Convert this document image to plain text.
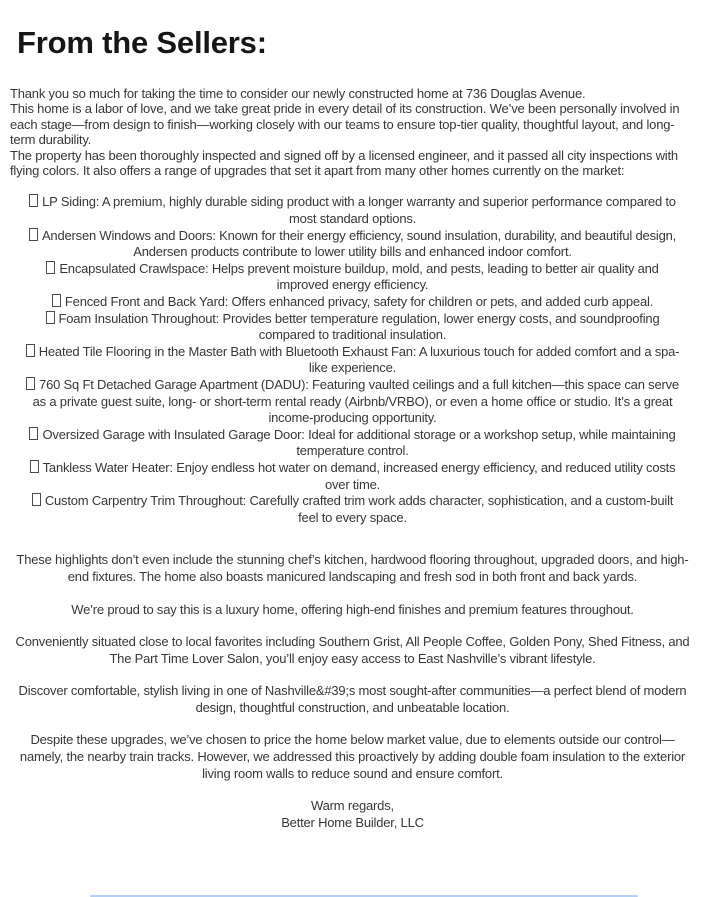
From the Sellers:

Thank you so much for taking the time to consider our newly constructed home at 736 Douglas Avenue.

This home is a labor of love, and we take great pride in every detail of its construction. We’ve been personally involved in each stage—from design to finish—working closely with our teams to ensure top-tier quality, thoughtful layout, and long-term durability.

The property has been thoroughly inspected and signed off by a licensed engineer, and it passed all city inspections with flying colors. It also offers a range of upgrades that set it apart from many other homes currently on the market:

LP Siding: A premium, highly durable siding product with a longer warranty and superior performance compared to most standard options.
Andersen Windows and Doors: Known for their energy efficiency, sound insulation, durability, and beautiful design, Andersen products contribute to lower utility bills and enhanced indoor comfort.
Encapsulated Crawlspace: Helps prevent moisture buildup, mold, and pests, leading to better air quality and improved energy efficiency.
Fenced Front and Back Yard: Offers enhanced privacy, safety for children or pets, and added curb appeal.
Foam Insulation Throughout: Provides better temperature regulation, lower energy costs, and soundproofing compared to traditional insulation.
Heated Tile Flooring in the Master Bath with Bluetooth Exhaust Fan: A luxurious touch for added comfort and a spa-like experience.
760 Sq Ft Detached Garage Apartment (DADU): Featuring vaulted ceilings and a full kitchen—this space can serve as a private guest suite, long- or short-term rental ready (Airbnb/VRBO), or even a home office or studio. It’s a great income-producing opportunity.
Oversized Garage with Insulated Garage Door: Ideal for additional storage or a workshop setup, while maintaining temperature control.
Tankless Water Heater: Enjoy endless hot water on demand, increased energy efficiency, and reduced utility costs over time.
Custom Carpentry Trim Throughout: Carefully crafted trim work adds character, sophistication, and a custom-built feel to every space.

These highlights don’t even include the stunning chef’s kitchen, hardwood flooring throughout, upgraded doors, and high-end fixtures. The home also boasts manicured landscaping and fresh sod in both front and back yards.

We’re proud to say this is a luxury home, offering high-end finishes and premium features throughout.

Conveniently situated close to local favorites including Southern Grist, All People Coffee, Golden Pony, Shed Fitness, and The Part Time Lover Salon, you’ll enjoy easy access to East Nashville’s vibrant lifestyle.

Discover comfortable, stylish living in one of Nashville&#39;s most sought-after communities—a perfect blend of modern design, thoughtful construction, and unbeatable location.

Despite these upgrades, we’ve chosen to price the home below market value, due to elements outside our control—namely, the nearby train tracks. However, we addressed this proactively by adding double foam insulation to the exterior living room walls to reduce sound and ensure comfort.

Warm regards,

Better Home Builder, LLC
